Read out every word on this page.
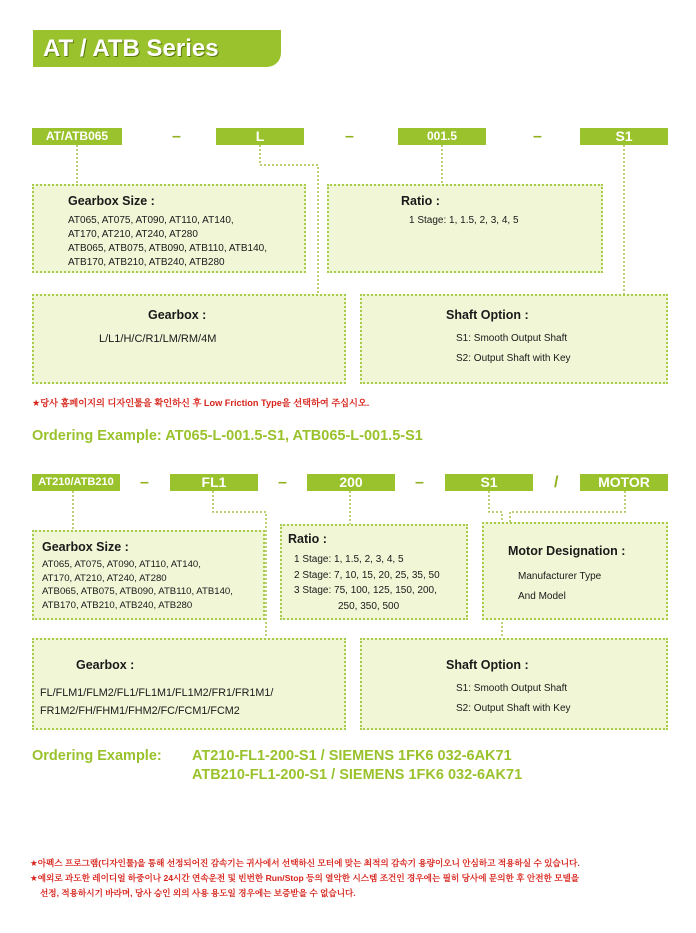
AT / ATB Series
AT/ATB065	–	L	–	001.5	–	S1
Gearbox Size :
AT065, AT075, AT090, AT110, AT140,
AT170, AT210, AT240, AT280
ATB065, ATB075, ATB090, ATB110, ATB140,
ATB170, ATB210, ATB240, ATB280
Ratio :
1 Stage: 1, 1.5, 2, 3, 4, 5
Gearbox :
L/L1/H/C/R1/LM/RM/4M
Shaft Option :
S1: Smooth Output Shaft
S2: Output Shaft with Key
★당사 홈페이지의 디자인툴을 확인하신 후 Low Friction Type을 선택하여 주십시오.
Ordering Example: AT065-L-001.5-S1, ATB065-L-001.5-S1
AT210/ATB210	–	FL1	–	200	–	S1	/	MOTOR
Gearbox Size :
AT065, AT075, AT090, AT110, AT140,
AT170, AT210, AT240, AT280
ATB065, ATB075, ATB090, ATB110, ATB140,
ATB170, ATB210, ATB240, ATB280
Ratio :
1 Stage: 1, 1.5, 2, 3, 4, 5
2 Stage: 7, 10, 15, 20, 25, 35, 50
3 Stage: 75, 100, 125, 150, 200,
250, 350, 500
Motor Designation :
Manufacturer Type
And Model
Gearbox :
FL/FLM1/FLM2/FL1/FL1M1/FL1M2/FR1/FR1M1/
FR1M2/FH/FHM1/FHM2/FC/FCM1/FCM2
Shaft Option :
S1: Smooth Output Shaft
S2: Output Shaft with Key
Ordering Example: AT210-FL1-200-S1 / SIEMENS 1FK6 032-6AK71
ATB210-FL1-200-S1 / SIEMENS 1FK6 032-6AK71
★아펙스 프로그램(디자인툴)을 통해 선정되어진 감속기는 귀사에서 선택하신 모터에 맞는 최적의 감속기 용량이오니 안심하고 적용하실 수 있습니다.
★예외로 과도한 레이디얼 하중이나 24시간 연속운전 및 빈번한 Run/Stop 등의 열악한 시스템 조건인 경우에는 필히 당사에 문의한 후 안전한 모델을
선정, 적용하시기 바라며, 당사 승인 외의 사용 용도일 경우에는 보증받을 수 없습니다.
